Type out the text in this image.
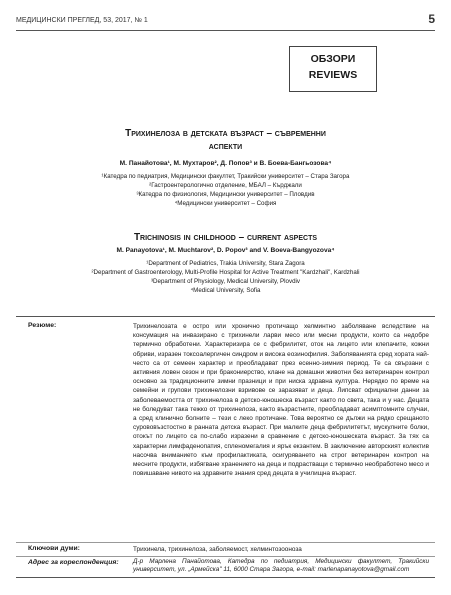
МЕДИЦИНСКИ ПРЕГЛЕД, 53, 2017, № 1	5
ОБЗОРИ
REVIEWS
Трихинелоза в детската възраст – съвременни
аспекти
М. Панайотова¹, М. Мухтаров², Д. Попов³ и В. Боева-Бангьозова⁴
¹Катедра по педиатрия, Медицински факултет, Тракийски университет – Стара Загора
²Гастроентерологично отделение, МБАЛ – Кърджали
³Катедра по физиология, Медицински университет – Пловдив
⁴Медицински университет – София
Trichinosis in childhood – current aspects
M. Panayotova¹, M. Muchtarov², D. Popov³ and V. Boeva-Bangyozova⁴
¹Department of Pediatrics, Trakia University, Stara Zagora
²Department of Gastroenterology, Multi-Profile Hospital for Active Treatment "Kardzhali", Kardzhali
³Department of Physiology, Medical University, Plovdiv
⁴Medical University, Sofia
Резюме:	Трихинелозата е остро или хронично протичащо хелминтно заболяване вследствие на консумация на инвазирано с трихинели ларви месо или месни продукти, които са недобре термично обработени. Характеризира се с фебрилитет, оток на лицето или клепачите, кожни обриви, изразен токсоалергичен синдром и висока еозинофилия. Заболяванията сред хората най-често са от семеен характер и преобладават през есенно-зимния период. Те са свързани с активния ловен сезон и при бракониерство, клане на домашни животни без ветеринарен контрол основно за традиционните зимни празници и при ниска здравна култура. Нерядко по време на семейни и групови трихинелозни взривове се заразяват и деца. Липсват официални данни за заболеваемостта от трихинелоза в детско-юношеска възраст както по света, така и у нас. Децата не боледуват така тежко от трихинелоза, както възрастните, преобладават асимптомните случаи, а сред клинично болните – тези с леко протичане. Това вероятно се дължи на рядко срещаното сурововъзстостно в ранната детска възраст. При малките деца фебрилитетът, мускулните болки, отокът по лицето са по-слабо изразени в сравнение с детско-юношеската възраст. За тях са характерни лимфаденопатия, спленомегалия и ярък екзантем. В заключение авторският колектив насочва вниманието към профилактиката, осигуряването на строг ветеринарен контрол на месните продукти, избягване хранението на деца и подрастващи с термично необработено месо и повишаване нивото на здравните знания сред децата в училищна възраст.
Ключови думи:	Трихинела, трихинелоза, заболяемост, хелминтозоонозa
Адрес за кореспонденция: Д-р Марлена Панайотова, Катедра по педиатрия, Медицински факултет, Тракийски университет, ул. „Армейска" 11, 6000 Стара Загора, e-mail: marlenapanayotova@gmail.com
